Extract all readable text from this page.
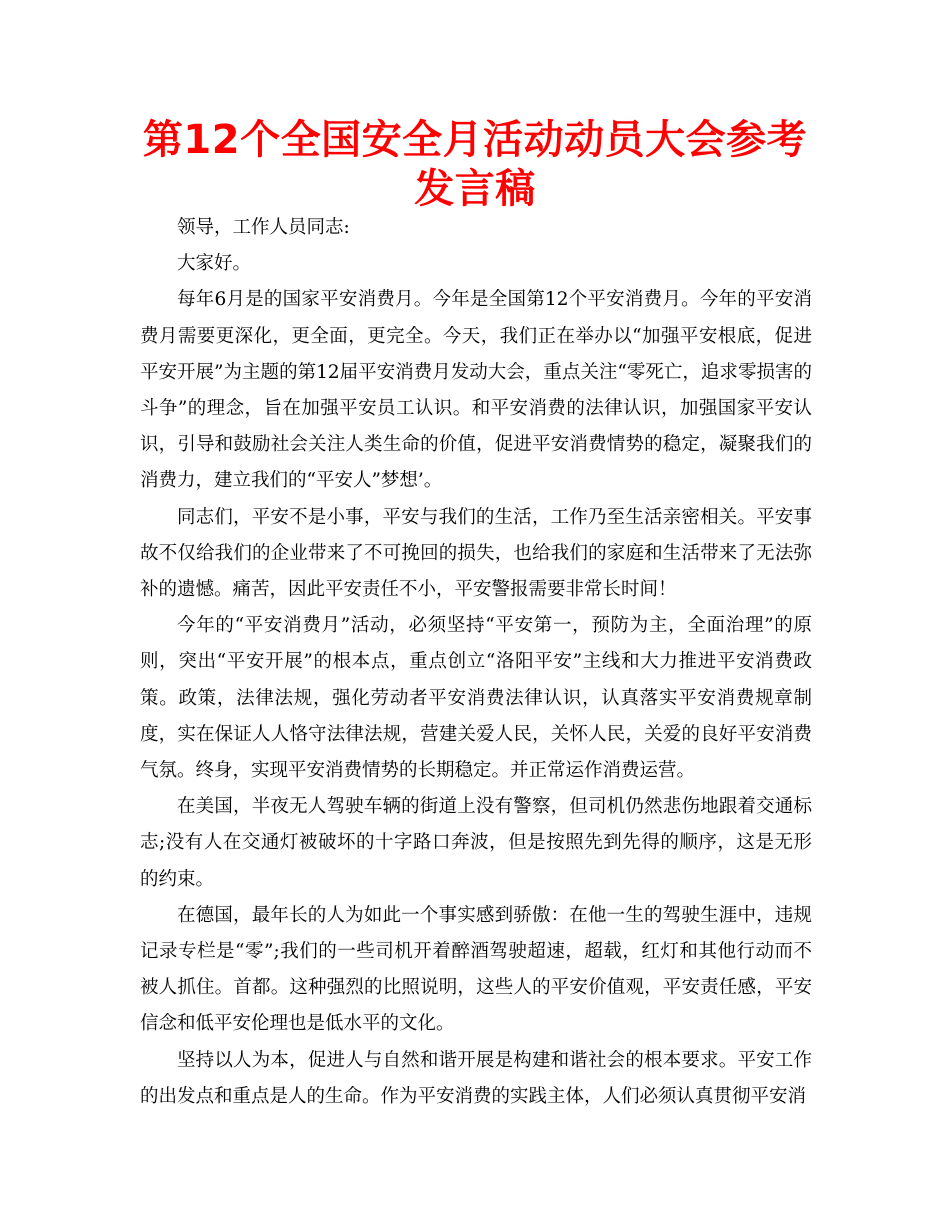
第12个全国安全月活动动员大会参考发言稿

领导，工作人员同志:

大家好。

每年6月是的国家平安消费月。今年是全国第12个平安消费月。今年的平安消费月需要更深化，更全面，更完全。今天，我们正在举办以“加强平安根底，促进平安开展”为主题的第12届平安消费月发动大会，重点关注“零死亡，追求零损害的斗争”的理念，旨在加强平安员工认识。和平安消费的法律认识，加强国家平安认识，引导和鼓励社会关注人类生命的价值，促进平安消费情势的稳定，凝聚我们的消费力，建立我们的“平安人”梦想’。

同志们，平安不是小事，平安与我们的生活，工作乃至生活亲密相关。平安事故不仅给我们的企业带来了不可挽回的损失，也给我们的家庭和生活带来了无法弥补的遗憾。痛苦，因此平安责任不小，平安警报需要非常长时间！

今年的“平安消费月”活动，必须坚持“平安第一，预防为主，全面治理”的原则，突出“平安开展”的根本点，重点创立“洛阳平安”主线和大力推进平安消费政策。政策，法律法规，强化劳动者平安消费法律认识，认真落实平安消费规章制度，实在保证人人恪守法律法规，营建关爱人民，关怀人民，关爱的良好平安消费气氛。终身，实现平安消费情势的长期稳定。并正常运作消费运营。

在美国，半夜无人驾驶车辆的街道上没有警察，但司机仍然悲伤地跟着交通标志;没有人在交通灯被破坏的十字路口奔波，但是按照先到先得的顺序，这是无形的约束。

在德国，最年长的人为如此一个事实感到骄傲：在他一生的驾驶生涯中，违规记录专栏是“零”;我们的一些司机开着醉酒驾驶超速，超载，红灯和其他行动而不被人抓住。首都。这种强烈的比照说明，这些人的平安价值观，平安责任感，平安信念和低平安伦理也是低水平的文化。

坚持以人为本，促进人与自然和谐开展是构建和谐社会的根本要求。平安工作的出发点和重点是人的生命。作为平安消费的实践主体，人们必须认真贯彻平安消
